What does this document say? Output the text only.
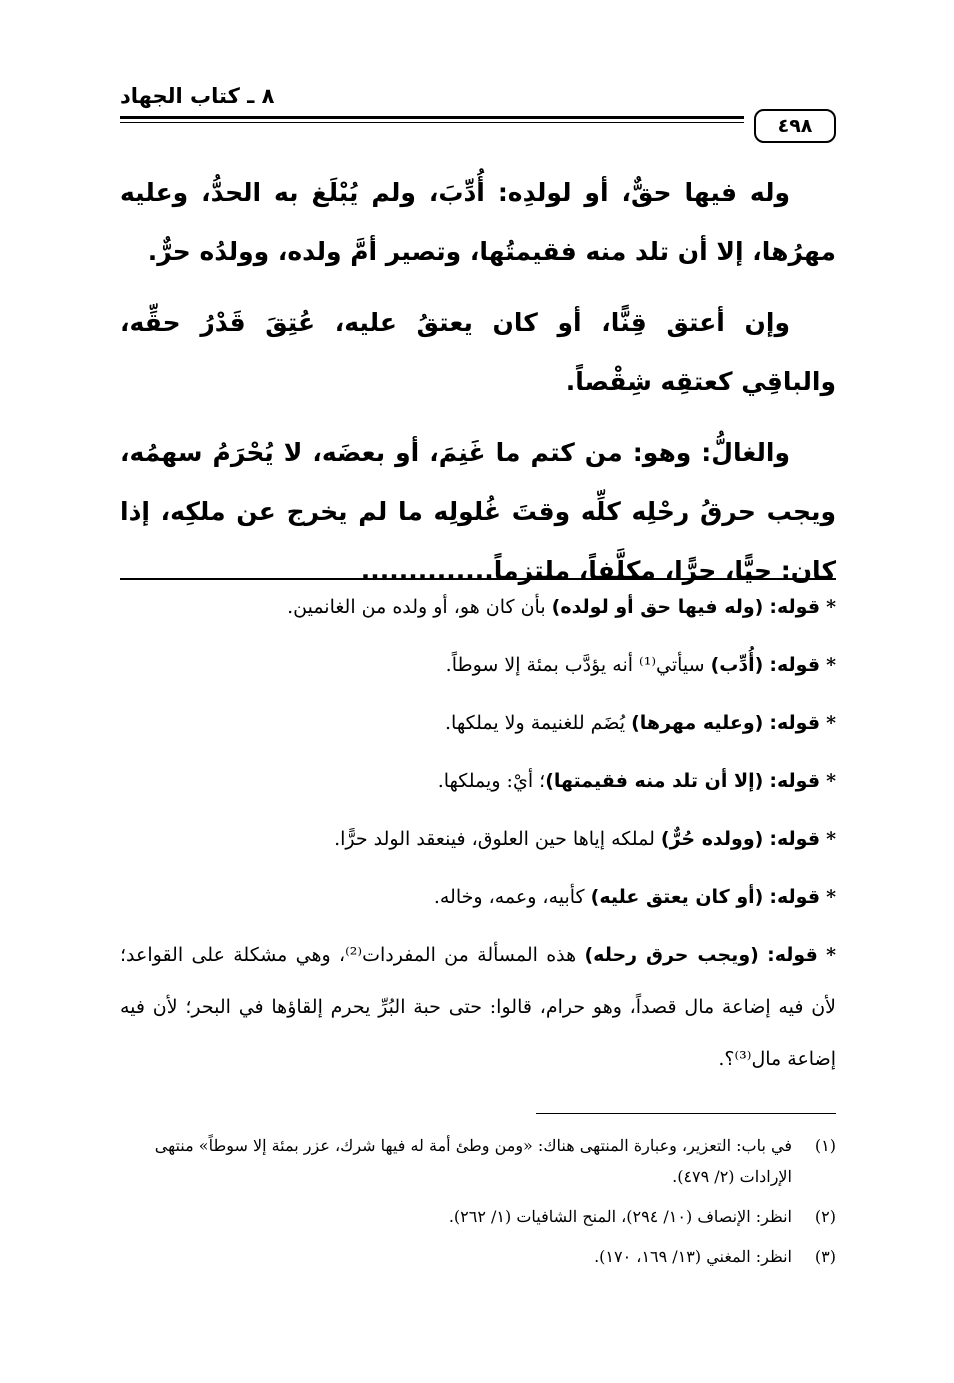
٨ ـ كتاب الجهاد
٤٩٨

وله فيها حقٌّ، أو لولدِه: أُدِّبَ، ولم يُبْلَغ به الحدُّ، وعليه مهرُها، إلا أن تلد منه فقيمتُها، وتصير أمَّ ولده، وولدُه حرٌّ.

وإن أعتق قِنًّا، أو كان يعتقُ عليه، عُتِقَ قَدْرُ حقِّه، والباقِي كعتقِه شِقْصاً.

والغالُّ: وهو: من كتم ما غَنِمَ، أو بعضَه، لا يُحْرَمُ سهمُه، ويجب حرقُ رحْلِه كلِّه وقتَ غُلولِه ما لم يخرج عن ملكِه، إذا كان: حيًّا، حرًّا، مكلَّفاً، ملتزماً..............

* قوله: (وله فيها حق أو لولده) بأن كان هو، أو ولده من الغانمين.

* قوله: (أُدِّب) سيأتي⁽¹⁾ أنه يؤدَّب بمئة إلا سوطاً.

* قوله: (وعليه مهرها) يُضَم للغنيمة ولا يملكها.

* قوله: (إلا أن تلد منه فقيمتها)؛ أيْ: ويملكها.

* قوله: (وولده حُرٌّ) لملكه إياها حين العلوق، فينعقد الولد حرًّا.

* قوله: (أو كان يعتق عليه) كأبيه، وعمه، وخاله.

* قوله: (ويجب حرق رحله) هذه المسألة من المفردات⁽²⁾، وهي مشكلة على القواعد؛ لأن فيه إضاعة مال قصداً، وهو حرام، قالوا: حتى حبة البُرِّ يحرم إلقاؤها في البحر؛ لأن فيه إضاعة مال⁽³⁾؟.

(١)
في باب: التعزير، وعبارة المنتهى هناك: «ومن وطئ أمة له فيها شرك، عزر بمئة إلا سوطاً» منتهى الإرادات (٢/ ٤٧٩).
(٢)
انظر: الإنصاف (١٠/ ٢٩٤)، المنح الشافيات (١/ ٢٦٢).
(٣)
انظر: المغني (١٣/ ١٦٩، ١٧٠).
